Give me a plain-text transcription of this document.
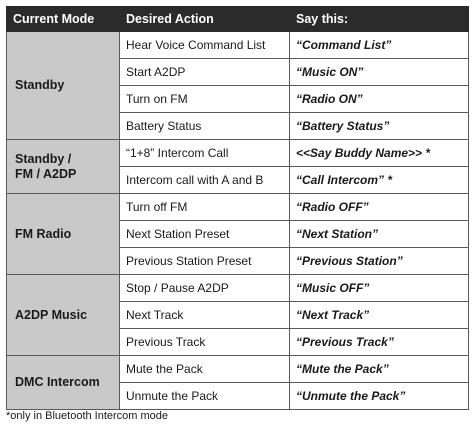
Current Mode	Desired Action	Say this:

Standby	Hear Voice Command List	“Command List”
	Start A2DP	“Music ON”
	Turn on FM	“Radio ON”
	Battery Status	“Battery Status”

Standby /
FM / A2DP	“1+8” Intercom Call	<<Say Buddy Name>> *
	Intercom call with A and B	“Call Intercom” *

FM Radio	Turn off FM	“Radio OFF”
	Next Station Preset	“Next Station”
	Previous Station Preset	“Previous Station”

A2DP Music	Stop / Pause A2DP	“Music OFF”
	Next Track	“Next Track”
	Previous Track	“Previous Track”

DMC Intercom	Mute the Pack	“Mute the Pack”
	Unmute the Pack	“Unmute the Pack”
*only in Bluetooth Intercom mode
